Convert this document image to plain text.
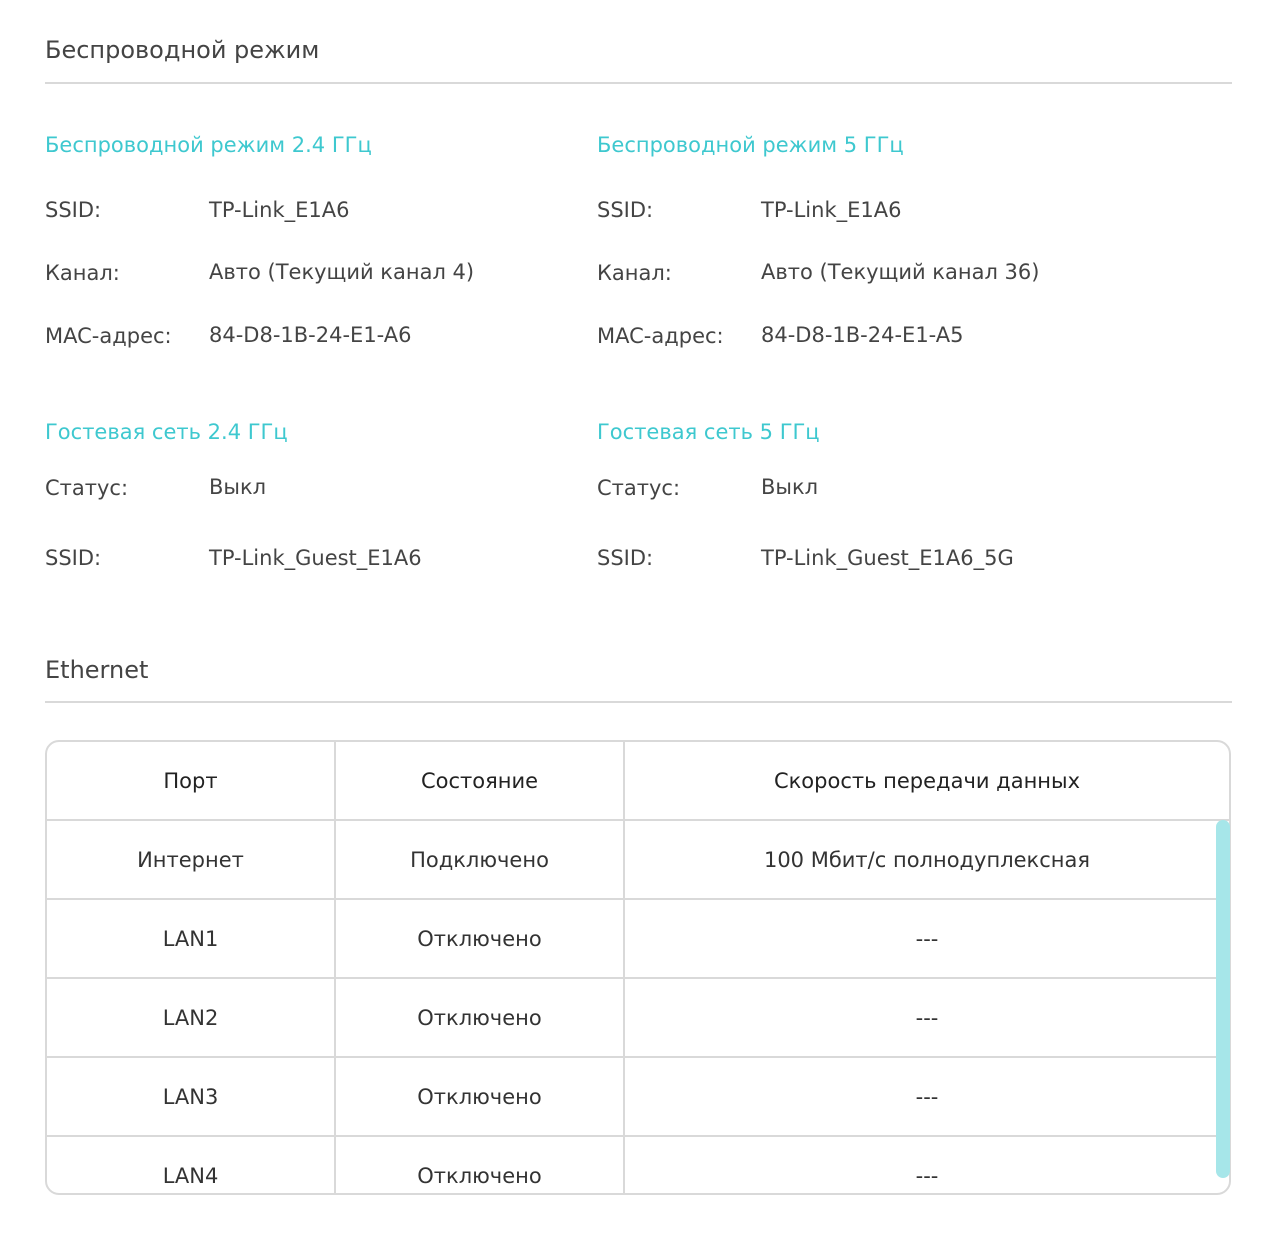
Беспроводной режим
Беспроводной режим 2.4 ГГц
SSID:	TP-Link_E1A6
Канал:	Авто (Текущий канал 4)
MAC-адрес: 84-D8-1B-24-E1-A6
Беспроводной режим 5 ГГц
SSID:	TP-Link_E1A6
Канал:	Авто (Текущий канал 36)
MAC-адрес: 84-D8-1B-24-E1-A5
Гостевая сеть 2.4 ГГц
Статус:	Выкл
SSID:	TP-Link_Guest_E1A6
Гостевая сеть 5 ГГц
Статус:	Выкл
SSID:	TP-Link_Guest_E1A6_5G
Ethernet
Порт	Состояние	Скорость передачи данных
Интернет	Подключено	100 Мбит/с полнодуплексная
LAN1	Отключено	---
LAN2	Отключено	---
LAN3	Отключено	---
LAN4	Отключено	---
